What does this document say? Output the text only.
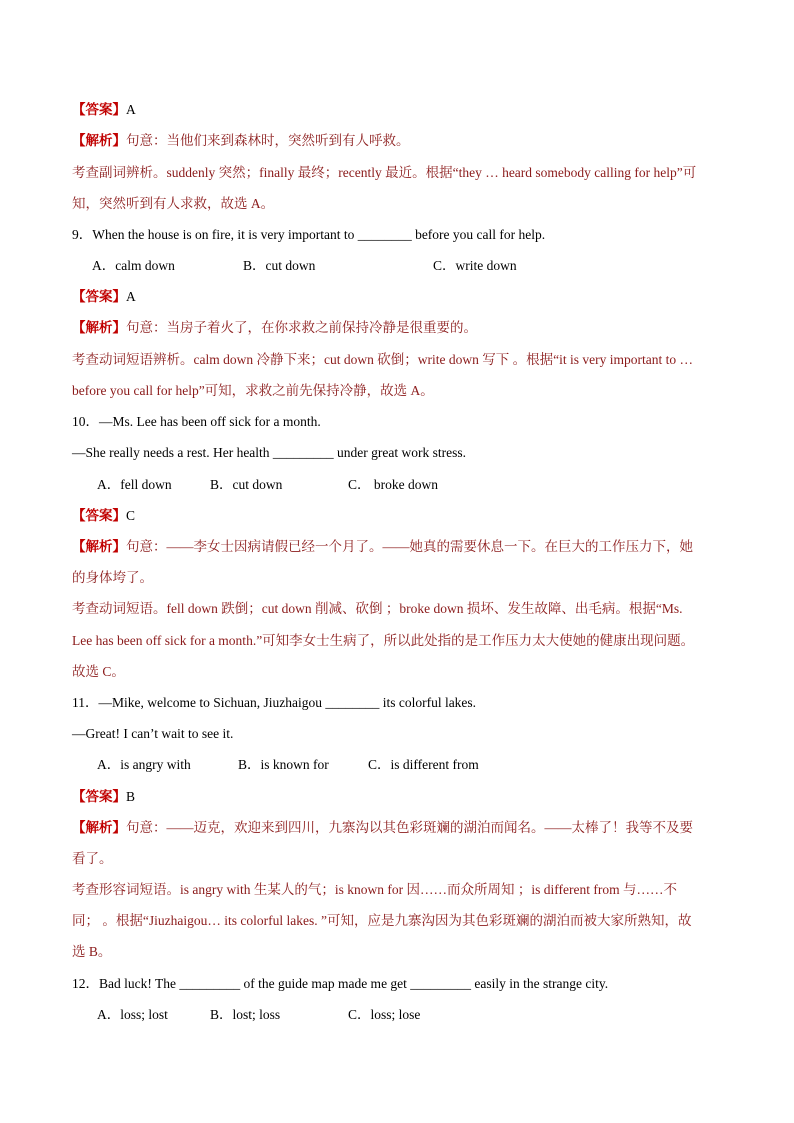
【答案】A
【解析】句意：当他们来到森林时，突然听到有人呼救。
考查副词辨析。suddenly 突然；finally 最终；recently 最近。根据“they … heard somebody calling for help”可
知，突然听到有人求救，故选 A。
9．When the house is on fire, it is very important to ________ before you call for help.
A．calm down	B．cut down	C．write down
【答案】A
【解析】句意：当房子着火了，在你求救之前保持冷静是很重要的。
考查动词短语辨析。calm down 冷静下来；cut down 砍倒；write down 写下 。根据“it is very important to …
before you call for help”可知，求救之前先保持冷静，故选 A。
10．—Ms. Lee has been off sick for a month.
—She really needs a rest. Her health _________ under great work stress.
A．fell down	B．cut down	C． broke down
【答案】C
【解析】句意：——李女士因病请假已经一个月了。——她真的需要休息一下。在巨大的工作压力下，她
的身体垮了。
考查动词短语。fell down 跌倒；cut down 削减、砍倒 ；broke down 损坏、发生故障、出毛病。根据“Ms.
Lee has been off sick for a month.”可知李女士生病了，所以此处指的是工作压力太大使她的健康出现问题。
故选 C。
11．—Mike, welcome to Sichuan, Jiuzhaigou ________ its colorful lakes.
—Great! I can’t wait to see it.
A．is angry with	B．is known for	C．is different from
【答案】B
【解析】句意：——迈克，欢迎来到四川，九寨沟以其色彩斑斓的湖泊而闻名。——太棒了！我等不及要
看了。
考查形容词短语。is angry with 生某人的气；is known for 因……而众所周知 ；is different from 与……不
同； 。根据“Jiuzhaigou… its colorful lakes. ”可知，应是九寨沟因为其色彩斑斓的湖泊而被大家所熟知，故
选 B。
12．Bad luck! The _________ of the guide map made me get _________ easily in the strange city.
A．loss; lost	B．lost; loss	C．loss; lose
